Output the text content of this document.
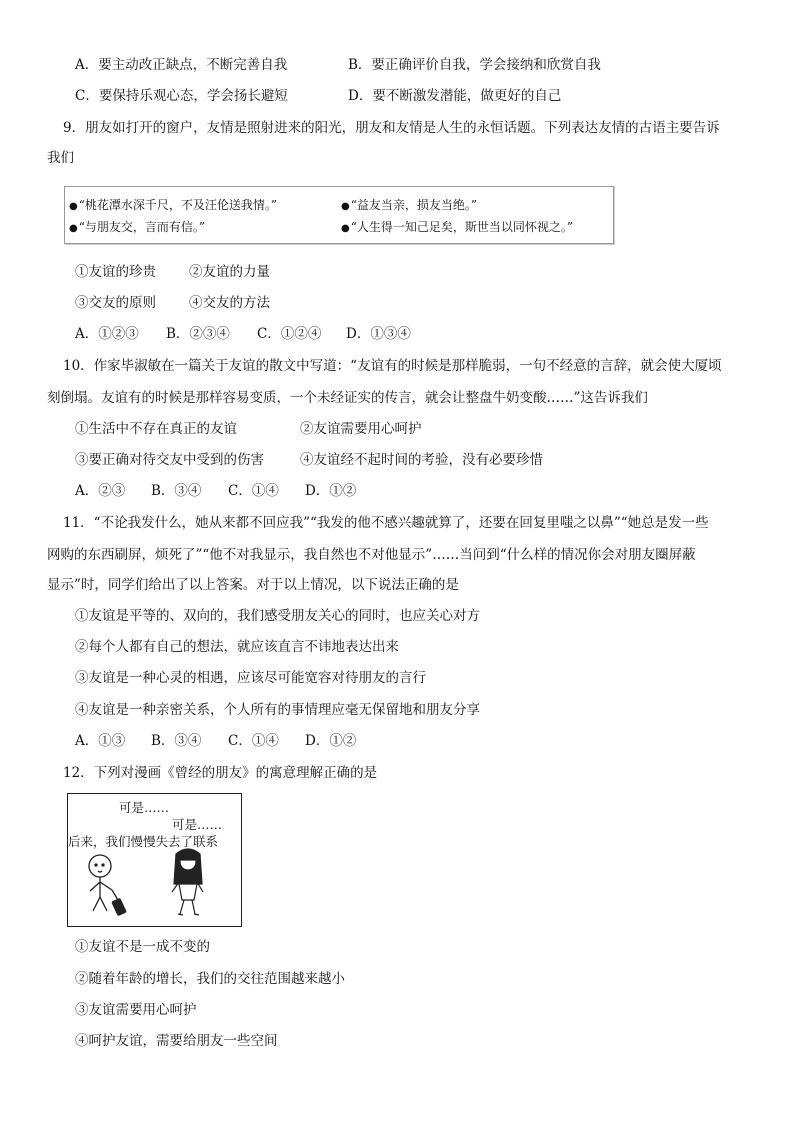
A．要主动改正缺点，不断完善自我	B．要正确评价自我，学会接纳和欣赏自我
C．要保持乐观心态，学会扬长避短	D．要不断激发潜能，做更好的自己
9．朋友如打开的窗户，友情是照射进来的阳光，朋友和友情是人生的永恒话题。下列表达友情的古语主要告诉
我们
● “桃花潭水深千尺，不及汪伦送我情。”	● “益友当亲，损友当绝。”
● “与朋友交，言而有信。”	● “人生得一知己足矣，斯世当以同怀视之。”
①友谊的珍贵 ②友谊的力量
③交友的原则 ④交友的方法
A．①②③ B．②③④ C．①②④ D．①③④
10．作家毕淑敏在一篇关于友谊的散文中写道：“友谊有的时候是那样脆弱，一句不经意的言辞，就会使大厦顷
刻倒塌。友谊有的时候是那样容易变质，一个未经证实的传言，就会让整盘牛奶变酸……”这告诉我们
①生活中不存在真正的友谊	②友谊需要用心呵护
③要正确对待交友中受到的伤害	④友谊经不起时间的考验，没有必要珍惜
A．②③ B．③④ C．①④ D．①②
11．“不论我发什么，她从来都不回应我”“我发的他不感兴趣就算了，还要在回复里嗤之以鼻”“她总是发一些
网购的东西刷屏，烦死了”“他不对我显示，我自然也不对他显示”……当问到“什么样的情况你会对朋友圈屏蔽
显示”时，同学们给出了以上答案。对于以上情况，以下说法正确的是
①友谊是平等的、双向的，我们感受朋友关心的同时，也应关心对方
②每个人都有自己的想法，就应该直言不讳地表达出来
③友谊是一种心灵的相遇，应该尽可能宽容对待朋友的言行
④友谊是一种亲密关系，个人所有的事情理应毫无保留地和朋友分享
A．①③ B．③④ C．①④ D．①②
12．下列对漫画《曾经的朋友》的寓意理解正确的是
可是……
可是……
后来，我们慢慢失去了联系
①友谊不是一成不变的
②随着年龄的增长，我们的交往范围越来越小
③友谊需要用心呵护
④呵护友谊，需要给朋友一些空间
